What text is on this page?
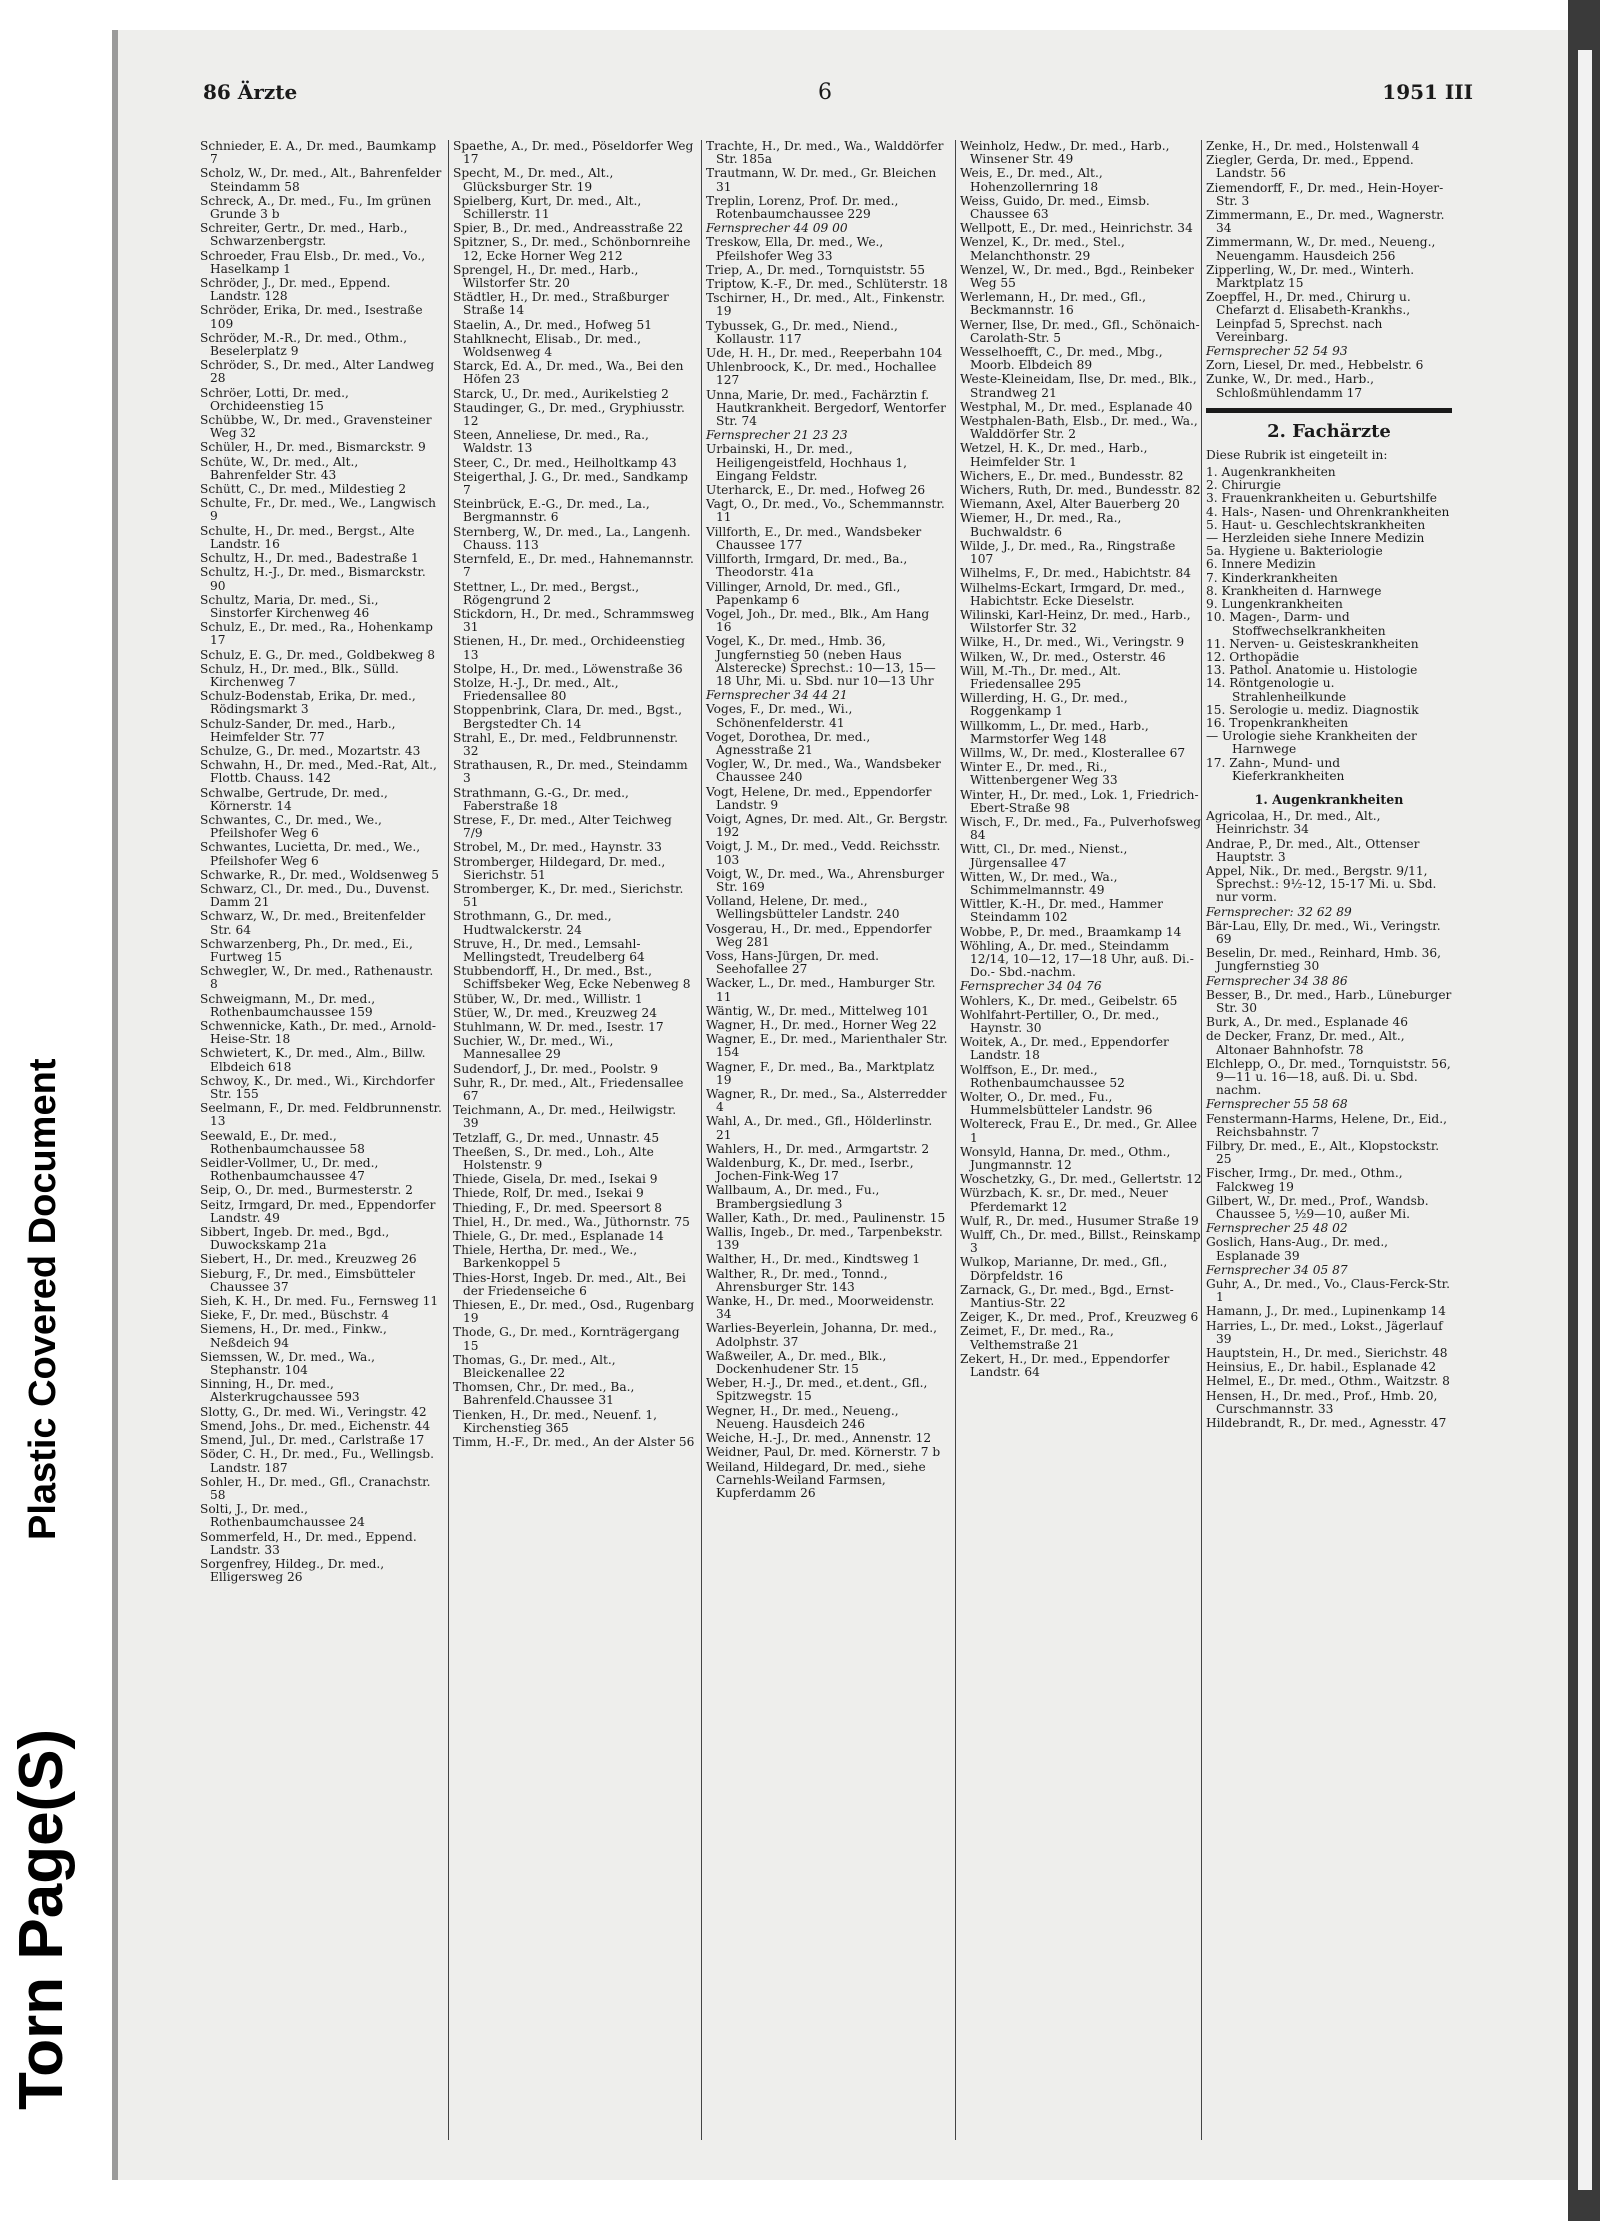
Torn Page(S)
Plastic Covered Document
86 Ärzte	6	1951 III
Schnieder, E. A., Dr. med., Baumkamp 7
Scholz, W., Dr. med., Alt., Bahrenfelder Steindamm 58
Schreck, A., Dr. med., Fu., Im grünen Grunde 3 b
Schreiter, Gertr., Dr. med., Harb., Schwarzenbergstr.
Schroeder, Frau Elsb., Dr. med., Vo., Haselkamp 1
Schröder, J., Dr. med., Eppend. Landstr. 128
Schröder, Erika, Dr. med., Isestraße 109
Schröder, M.-R., Dr. med., Othm., Beselerplatz 9
Schröder, S., Dr. med., Alter Landweg 28
Schröer, Lotti, Dr. med., Orchideenstieg 15
Schübbe, W., Dr. med., Gravensteiner Weg 32
Schüler, H., Dr. med., Bismarckstr. 9
Schüte, W., Dr. med., Alt., Bahrenfelder Str. 43
Schütt, C., Dr. med., Mildestieg 2
Schulte, Fr., Dr. med., We., Langwisch 9
Schulte, H., Dr. med., Bergst., Alte Landstr. 16
Schultz, H., Dr. med., Badestraße 1
Schultz, H.-J., Dr. med., Bismarckstr. 90
Schultz, Maria, Dr. med., Si., Sinstorfer Kirchenweg 46
Schulz, E., Dr. med., Ra., Hohenkamp 17
Schulz, E. G., Dr. med., Goldbekweg 8
Schulz, H., Dr. med., Blk., Sülld. Kirchenweg 7
Schulz-Bodenstab, Erika, Dr. med., Rödingsmarkt 3
Schulz-Sander, Dr. med., Harb., Heimfelder Str. 77
Schulze, G., Dr. med., Mozartstr. 43
Schwahn, H., Dr. med., Med.-Rat, Alt., Flottb. Chauss. 142
Schwalbe, Gertrude, Dr. med., Körnerstr. 14
Schwantes, C., Dr. med., We., Pfeilshofer Weg 6
Schwantes, Lucietta, Dr. med., We., Pfeilshofer Weg 6
Schwarke, R., Dr. med., Woldsenweg 5
Schwarz, Cl., Dr. med., Du., Duvenst. Damm 21
Schwarz, W., Dr. med., Breitenfelder Str. 64
Schwarzenberg, Ph., Dr. med., Ei., Furtweg 15
Schwegler, W., Dr. med., Rathenaustr. 8
Schweigmann, M., Dr. med., Rothenbaumchaussee 159
Schwennicke, Kath., Dr. med., Arnold-Heise-Str. 18
Schwietert, K., Dr. med., Alm., Billw. Elbdeich 618
Schwoy, K., Dr. med., Wi., Kirchdorfer Str. 155
Seelmann, F., Dr. med. Feldbrunnenstr. 13
Seewald, E., Dr. med., Rothenbaumchaussee 58
Seidler-Vollmer, U., Dr. med., Rothenbaumchaussee 47
Seip, O., Dr. med., Burmesterstr. 2
Seitz, Irmgard, Dr. med., Eppendorfer Landstr. 49
Sibbert, Ingeb. Dr. med., Bgd., Duwockskamp 21a
Siebert, H., Dr. med., Kreuzweg 26
Sieburg, F., Dr. med., Eimsbütteler Chaussee 37
Sieh, K. H., Dr. med. Fu., Fernsweg 11
Sieke, F., Dr. med., Büschstr. 4
Siemens, H., Dr. med., Finkw., Neßdeich 94
Siemssen, W., Dr. med., Wa., Stephanstr. 104
Sinning, H., Dr. med., Alsterkrugchaussee 593
Slotty, G., Dr. med. Wi., Veringstr. 42
Smend, Johs., Dr. med., Eichenstr. 44
Smend, Jul., Dr. med., Carlstraße 17
Söder, C. H., Dr. med., Fu., Wellingsb. Landstr. 187
Sohler, H., Dr. med., Gfl., Cranachstr. 58
Solti, J., Dr. med., Rothenbaumchaussee 24
Sommerfeld, H., Dr. med., Eppend. Landstr. 33
Sorgenfrey, Hildeg., Dr. med., Elligersweg 26
Spaethe, A., Dr. med., Pöseldorfer Weg 17
Specht, M., Dr. med., Alt., Glücksburger Str. 19
Spielberg, Kurt, Dr. med., Alt., Schillerstr. 11
Spier, B., Dr. med., Andreasstraße 22
Spitzner, S., Dr. med., Schönbornreihe 12, Ecke Horner Weg 212
Sprengel, H., Dr. med., Harb., Wilstorfer Str. 20
Städtler, H., Dr. med., Straßburger Straße 14
Staelin, A., Dr. med., Hofweg 51
Stahlknecht, Elisab., Dr. med., Woldsenweg 4
Starck, Ed. A., Dr. med., Wa., Bei den Höfen 23
Starck, U., Dr. med., Aurikelstieg 2
Staudinger, G., Dr. med., Gryphiusstr. 12
Steen, Anneliese, Dr. med., Ra., Waldstr. 13
Steer, C., Dr. med., Heilholtkamp 43
Steigerthal, J. G., Dr. med., Sandkamp 7
Steinbrück, E.-G., Dr. med., La., Bergmannstr. 6
Sternberg, W., Dr. med., La., Langenh. Chauss. 113
Sternfeld, E., Dr. med., Hahnemannstr. 7
Stettner, L., Dr. med., Bergst., Rögengrund 2
Stickdorn, H., Dr. med., Schrammsweg 31
Stienen, H., Dr. med., Orchideenstieg 13
Stolpe, H., Dr. med., Löwenstraße 36
Stolze, H.-J., Dr. med., Alt., Friedensallee 80
Stoppenbrink, Clara, Dr. med., Bgst., Bergstedter Ch. 14
Strahl, E., Dr. med., Feldbrunnenstr. 32
Strathausen, R., Dr. med., Steindamm 3
Strathmann, G.-G., Dr. med., Faberstraße 18
Strese, F., Dr. med., Alter Teichweg 7/9
Strobel, M., Dr. med., Haynstr. 33
Stromberger, Hildegard, Dr. med., Sierichstr. 51
Stromberger, K., Dr. med., Sierichstr. 51
Strothmann, G., Dr. med., Hudtwalckerstr. 24
Struve, H., Dr. med., Lemsahl-Mellingstedt, Treudelberg 64
Stubbendorff, H., Dr. med., Bst., Schiffsbeker Weg, Ecke Nebenweg 8
Stüber, W., Dr. med., Willistr. 1
Stüer, W., Dr. med., Kreuzweg 24
Stuhlmann, W. Dr. med., Isestr. 17
Suchier, W., Dr. med., Wi., Mannesallee 29
Sudendorf, J., Dr. med., Poolstr. 9
Suhr, R., Dr. med., Alt., Friedensallee 67
Teichmann, A., Dr. med., Heilwigstr. 39
Tetzlaff, G., Dr. med., Unnastr. 45
Theeßen, S., Dr. med., Loh., Alte Holstenstr. 9
Thiede, Gisela, Dr. med., Isekai 9
Thiede, Rolf, Dr. med., Isekai 9
Thieding, F., Dr. med. Speersort 8
Thiel, H., Dr. med., Wa., Jüthornstr. 75
Thiele, G., Dr. med., Esplanade 14
Thiele, Hertha, Dr. med., We., Barkenkoppel 5
Thies-Horst, Ingeb. Dr. med., Alt., Bei der Friedenseiche 6
Thiesen, E., Dr. med., Osd., Rugenbarg 19
Thode, G., Dr. med., Kornträgergang 15
Thomas, G., Dr. med., Alt., Bleickenallee 22
Thomsen, Chr., Dr. med., Ba., Bahrenfeld.Chaussee 31
Tienken, H., Dr. med., Neuenf. 1, Kirchenstieg 365
Timm, H.-F., Dr. med., An der Alster 56
Trachte, H., Dr. med., Wa., Walddörfer Str. 185a
Trautmann, W. Dr. med., Gr. Bleichen 31
Treplin, Lorenz, Prof. Dr. med., Rotenbaumchaussee 229
Fernsprecher 44 09 00
Treskow, Ella, Dr. med., We., Pfeilshofer Weg 33
Triep, A., Dr. med., Tornquiststr. 55
Triptow, K.-F., Dr. med., Schlüterstr. 18
Tschirner, H., Dr. med., Alt., Finkenstr. 19
Tybussek, G., Dr. med., Niend., Kollaustr. 117
Ude, H. H., Dr. med., Reeperbahn 104
Uhlenbroock, K., Dr. med., Hochallee 127
Unna, Marie, Dr. med., Fachärztin f. Hautkrankheit. Bergedorf, Wentorfer Str. 74
Fernsprecher 21 23 23
Urbainski, H., Dr. med., Heiligengeistfeld, Hochhaus 1, Eingang Feldstr.
Uterharck, E., Dr. med., Hofweg 26
Vagt, O., Dr. med., Vo., Schemmannstr. 11
Villforth, E., Dr. med., Wandsbeker Chaussee 177
Villforth, Irmgard, Dr. med., Ba., Theodorstr. 41a
Villinger, Arnold, Dr. med., Gfl., Papenkamp 6
Vogel, Joh., Dr. med., Blk., Am Hang 16
Vogel, K., Dr. med., Hmb. 36, Jungfernstieg 50 (neben Haus Alsterecke) Sprechst.: 10—13, 15—18 Uhr, Mi. u. Sbd. nur 10—13 Uhr
Fernsprecher 34 44 21
Voges, F., Dr. med., Wi., Schönenfelderstr. 41
Voget, Dorothea, Dr. med., Agnesstraße 21
Vogler, W., Dr. med., Wa., Wandsbeker Chaussee 240
Vogt, Helene, Dr. med., Eppendorfer Landstr. 9
Voigt, Agnes, Dr. med. Alt., Gr. Bergstr. 192
Voigt, J. M., Dr. med., Vedd. Reichsstr. 103
Voigt, W., Dr. med., Wa., Ahrensburger Str. 169
Volland, Helene, Dr. med., Wellingsbütteler Landstr. 240
Vosgerau, H., Dr. med., Eppendorfer Weg 281
Voss, Hans-Jürgen, Dr. med. Seehofallee 27
Wacker, L., Dr. med., Hamburger Str. 11
Wäntig, W., Dr. med., Mittelweg 101
Wagner, H., Dr. med., Horner Weg 22
Wagner, E., Dr. med., Marienthaler Str. 154
Wagner, F., Dr. med., Ba., Marktplatz 19
Wagner, R., Dr. med., Sa., Alsterredder 4
Wahl, A., Dr. med., Gfl., Hölderlinstr. 21
Wahlers, H., Dr. med., Armgartstr. 2
Waldenburg, K., Dr. med., Iserbr., Jochen-Fink-Weg 17
Wallbaum, A., Dr. med., Fu., Brambergsiedlung 3
Waller, Kath., Dr. med., Paulinenstr. 15
Wallis, Ingeb., Dr. med., Tarpenbekstr. 139
Walther, H., Dr. med., Kindtsweg 1
Walther, R., Dr. med., Tonnd., Ahrensburger Str. 143
Wanke, H., Dr. med., Moorweidenstr. 34
Warlies-Beyerlein, Johanna, Dr. med., Adolphstr. 37
Waßweiler, A., Dr. med., Blk., Dockenhudener Str. 15
Weber, H.-J., Dr. med., et.dent., Gfl., Spitzwegstr. 15
Wegner, H., Dr. med., Neueng., Neueng. Hausdeich 246
Weiche, H.-J., Dr. med., Annenstr. 12
Weidner, Paul, Dr. med. Körnerstr. 7 b
Weiland, Hildegard, Dr. med., siehe Carnehls-Weiland Farmsen, Kupferdamm 26
Weinholz, Hedw., Dr. med., Harb., Winsener Str. 49
Weis, E., Dr. med., Alt., Hohenzollernring 18
Weiss, Guido, Dr. med., Eimsb. Chaussee 63
Wellpott, E., Dr. med., Heinrichstr. 34
Wenzel, K., Dr. med., Stel., Melanchthonstr. 29
Wenzel, W., Dr. med., Bgd., Reinbeker Weg 55
Werlemann, H., Dr. med., Gfl., Beckmannstr. 16
Werner, Ilse, Dr. med., Gfl., Schönaich-Carolath-Str. 5
Wesselhoefft, C., Dr. med., Mbg., Moorb. Elbdeich 89
Weste-Kleineidam, Ilse, Dr. med., Blk., Strandweg 21
Westphal, M., Dr. med., Esplanade 40
Westphalen-Bath, Elsb., Dr. med., Wa., Walddörfer Str. 2
Wetzel, H. K., Dr. med., Harb., Heimfelder Str. 1
Wichers, E., Dr. med., Bundesstr. 82
Wichers, Ruth, Dr. med., Bundesstr. 82
Wiemann, Axel, Alter Bauerberg 20
Wiemer, H., Dr. med., Ra., Buchwaldstr. 6
Wilde, J., Dr. med., Ra., Ringstraße 107
Wilhelms, F., Dr. med., Habichtstr. 84
Wilhelms-Eckart, Irmgard, Dr. med., Habichtstr. Ecke Dieselstr.
Wilinski, Karl-Heinz, Dr. med., Harb., Wilstorfer Str. 32
Wilke, H., Dr. med., Wi., Veringstr. 9
Wilken, W., Dr. med., Osterstr. 46
Will, M.-Th., Dr. med., Alt. Friedensallee 295
Willerding, H. G., Dr. med., Roggenkamp 1
Willkomm, L., Dr. med., Harb., Marmstorfer Weg 148
Willms, W., Dr. med., Klosterallee 67
Winter E., Dr. med., Ri., Wittenbergener Weg 33
Winter, H., Dr. med., Lok. 1, Friedrich-Ebert-Straße 98
Wisch, F., Dr. med., Fa., Pulverhofsweg 84
Witt, Cl., Dr. med., Nienst., Jürgensallee 47
Witten, W., Dr. med., Wa., Schimmelmannstr. 49
Wittler, K.-H., Dr. med., Hammer Steindamm 102
Wobbe, P., Dr. med., Braamkamp 14
Wöhling, A., Dr. med., Steindamm 12/14, 10—12, 17—18 Uhr, auß. Di.- Do.- Sbd.-nachm.
Fernsprecher 34 04 76
Wohlers, K., Dr. med., Geibelstr. 65
Wohlfahrt-Pertiller, O., Dr. med., Haynstr. 30
Woitek, A., Dr. med., Eppendorfer Landstr. 18
Wolffson, E., Dr. med., Rothenbaumchaussee 52
Wolter, O., Dr. med., Fu., Hummelsbütteler Landstr. 96
Woltereck, Frau E., Dr. med., Gr. Allee 1
Wonsyld, Hanna, Dr. med., Othm., Jungmannstr. 12
Woschetzky, G., Dr. med., Gellertstr. 12
Würzbach, K. sr., Dr. med., Neuer Pferdemarkt 12
Wulf, R., Dr. med., Husumer Straße 19
Wulff, Ch., Dr. med., Billst., Reinskamp 3
Wulkop, Marianne, Dr. med., Gfl., Dörpfeldstr. 16
Zarnack, G., Dr. med., Bgd., Ernst-Mantius-Str. 22
Zeiger, K., Dr. med., Prof., Kreuzweg 6
Zeimet, F., Dr. med., Ra., Velthemstraße 21
Zekert, H., Dr. med., Eppendorfer Landstr. 64
Zenke, H., Dr. med., Holstenwall 4
Ziegler, Gerda, Dr. med., Eppend. Landstr. 56
Ziemendorff, F., Dr. med., Hein-Hoyer-Str. 3
Zimmermann, E., Dr. med., Wagnerstr. 34
Zimmermann, W., Dr. med., Neueng., Neuengamm. Hausdeich 256
Zipperling, W., Dr. med., Winterh. Marktplatz 15
Zoepffel, H., Dr. med., Chirurg u. Chefarzt d. Elisabeth-Krankhs., Leinpfad 5, Sprechst. nach Vereinbarg.
Fernsprecher 52 54 93
Zorn, Liesel, Dr. med., Hebbelstr. 6
Zunke, W., Dr. med., Harb., Schloßmühlendamm 17
2. Fachärzte
Diese Rubrik ist eingeteilt in:
1. Augenkrankheiten
2. Chirurgie
3. Frauenkrankheiten u. Geburtshilfe
4. Hals-, Nasen- und Ohrenkrankheiten
5. Haut- u. Geschlechtskrankheiten
— Herzleiden siehe Innere Medizin
5a. Hygiene u. Bakteriologie
6. Innere Medizin
7. Kinderkrankheiten
8. Krankheiten d. Harnwege
9. Lungenkrankheiten
10. Magen-, Darm- und Stoffwechselkrankheiten
11. Nerven- u. Geisteskrankheiten
12. Orthopädie
13. Pathol. Anatomie u. Histologie
14. Röntgenologie u. Strahlenheilkunde
15. Serologie u. mediz. Diagnostik
16. Tropenkrankheiten
— Urologie siehe Krankheiten der Harnwege
17. Zahn-, Mund- und Kieferkrankheiten
1. Augenkrankheiten
Agricolaa, H., Dr. med., Alt., Heinrichstr. 34
Andrae, P., Dr. med., Alt., Ottenser Hauptstr. 3
Appel, Nik., Dr. med., Bergstr. 9/11, Sprechst.: 9½-12, 15-17 Mi. u. Sbd. nur vorm.
Fernsprecher: 32 62 89
Bär-Lau, Elly, Dr. med., Wi., Veringstr. 69
Beselin, Dr. med., Reinhard, Hmb. 36, Jungfernstieg 30
Fernsprecher 34 38 86
Besser, B., Dr. med., Harb., Lüneburger Str. 30
Burk, A., Dr. med., Esplanade 46
de Decker, Franz, Dr. med., Alt., Altonaer Bahnhofstr. 78
Elchlepp, O., Dr. med., Tornquiststr. 56, 9—11 u. 16—18, auß. Di. u. Sbd. nachm.
Fernsprecher 55 58 68
Fenstermann-Harms, Helene, Dr., Eid., Reichsbahnstr. 7
Filbry, Dr. med., E., Alt., Klopstockstr. 25
Fischer, Irmg., Dr. med., Othm., Falckweg 19
Gilbert, W., Dr. med., Prof., Wandsb. Chaussee 5, ½9—10, außer Mi.
Fernsprecher 25 48 02
Goslich, Hans-Aug., Dr. med., Esplanade 39
Fernsprecher 34 05 87
Guhr, A., Dr. med., Vo., Claus-Ferck-Str. 1
Hamann, J., Dr. med., Lupinenkamp 14
Harries, L., Dr. med., Lokst., Jägerlauf 39
Hauptstein, H., Dr. med., Sierichstr. 48
Heinsius, E., Dr. habil., Esplanade 42
Helmel, E., Dr. med., Othm., Waitzstr. 8
Hensen, H., Dr. med., Prof., Hmb. 20, Curschmannstr. 33
Hildebrandt, R., Dr. med., Agnesstr. 47
